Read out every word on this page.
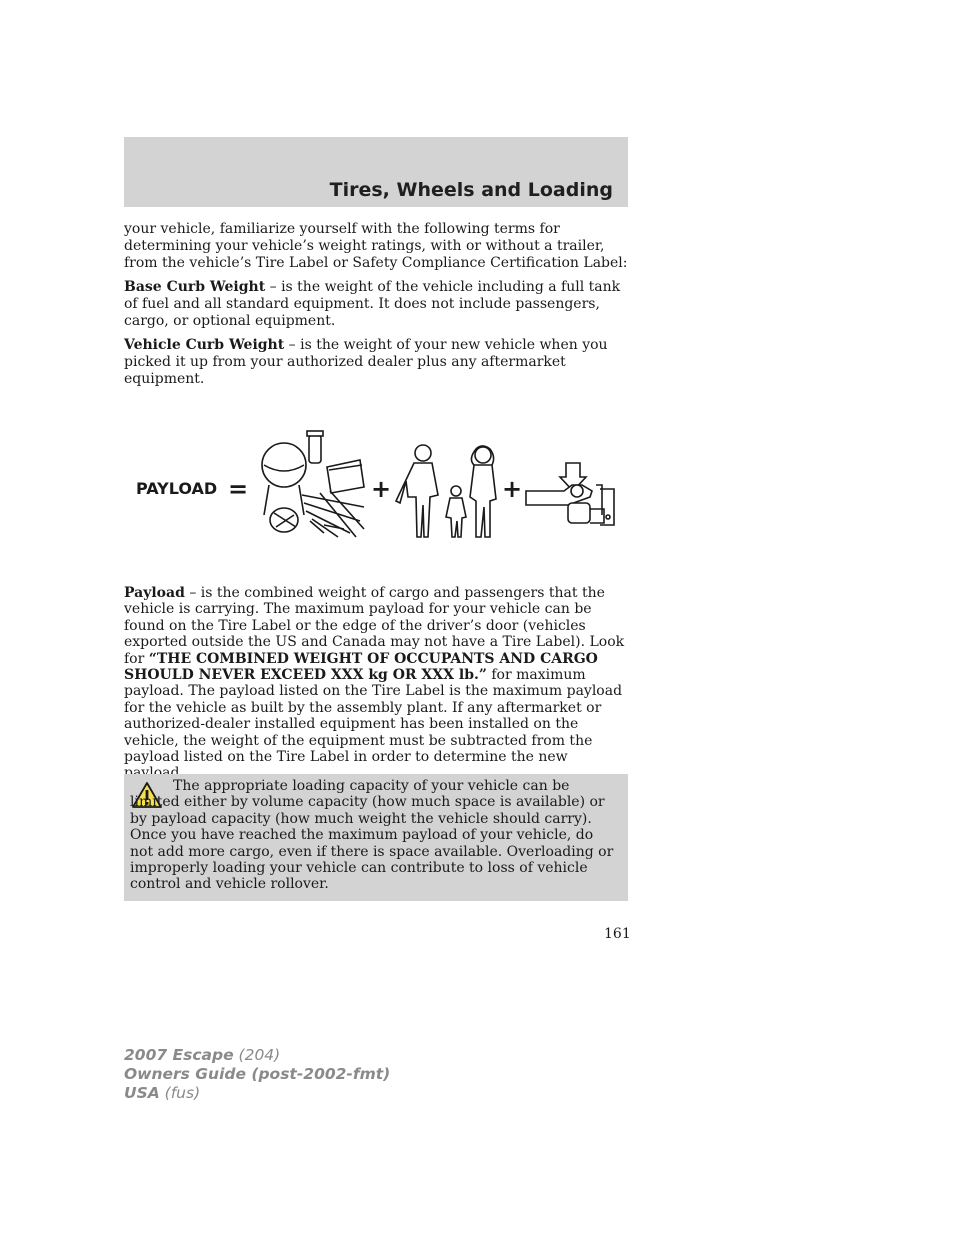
Tires, Wheels and Loading

your vehicle, familiarize yourself with the following terms for determining your vehicle’s weight ratings, with or without a trailer, from the vehicle’s Tire Label or Safety Compliance Certification Label:

Base Curb Weight – is the weight of the vehicle including a full tank of fuel and all standard equipment. It does not include passengers, cargo, or optional equipment.

Vehicle Curb Weight – is the weight of your new vehicle when you picked it up from your authorized dealer plus any aftermarket equipment.

PAYLOAD =	+	+

Payload – is the combined weight of cargo and passengers that the vehicle is carrying. The maximum payload for your vehicle can be found on the Tire Label or the edge of the driver’s door (vehicles exported outside the US and Canada may not have a Tire Label). Look for “THE COMBINED WEIGHT OF OCCUPANTS AND CARGO SHOULD NEVER EXCEED XXX kg OR XXX lb.” for maximum payload. The payload listed on the Tire Label is the maximum payload for the vehicle as built by the assembly plant. If any aftermarket or authorized-dealer installed equipment has been installed on the vehicle, the weight of the equipment must be subtracted from the payload listed on the Tire Label in order to determine the new

The appropriate loading capacity of your vehicle can be limited either by volume capacity (how much space is available) or by payload capacity (how much weight the vehicle should carry). Once you have reached the maximum payload of your vehicle, do not add more cargo, even if there is space available. Overloading or improperly loading your vehicle can contribute to loss of vehicle control and vehicle rollover.

161

2007 Escape (204)
Owners Guide (post-2002-fmt)
USA (fus)
